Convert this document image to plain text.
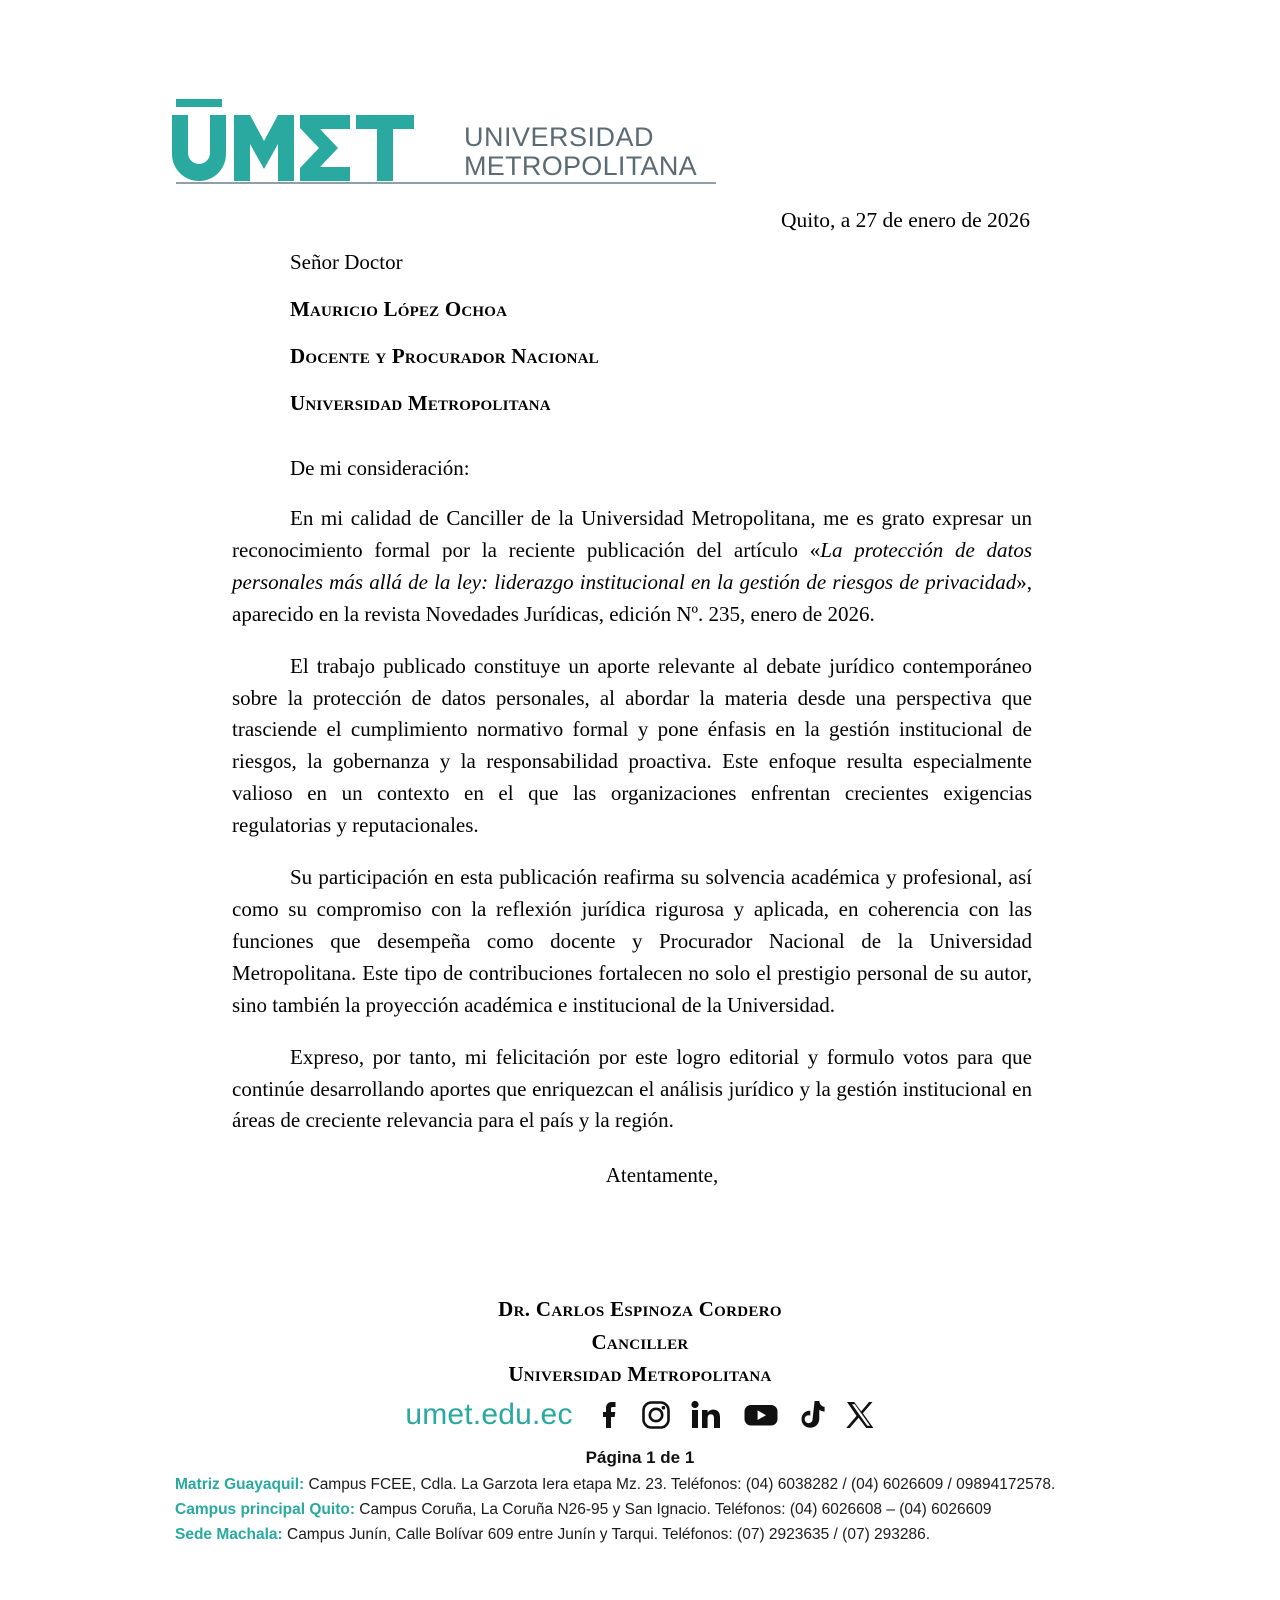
UNIVERSIDAD
METROPOLITANA
Quito, a 27 de enero de 2026

Señor Doctor

Mauricio López Ochoa

Docente y Procurador Nacional

Universidad Metropolitana

De mi consideración:

En mi calidad de Canciller de la Universidad Metropolitana, me es grato expresar un reconocimiento formal por la reciente publicación del artículo «La protección de datos personales más allá de la ley: liderazgo institucional en la gestión de riesgos de privacidad», aparecido en la revista Novedades Jurídicas, edición Nº. 235, enero de 2026.

El trabajo publicado constituye un aporte relevante al debate jurídico contemporáneo sobre la protección de datos personales, al abordar la materia desde una perspectiva que trasciende el cumplimiento normativo formal y pone énfasis en la gestión institucional de riesgos, la gobernanza y la responsabilidad proactiva. Este enfoque resulta especialmente valioso en un contexto en el que las organizaciones enfrentan crecientes exigencias regulatorias y reputacionales.

Su participación en esta publicación reafirma su solvencia académica y profesional, así como su compromiso con la reflexión jurídica rigurosa y aplicada, en coherencia con las funciones que desempeña como docente y Procurador Nacional de la Universidad Metropolitana. Este tipo de contribuciones fortalecen no solo el prestigio personal de su autor, sino también la proyección académica e institucional de la Universidad.

Expreso, por tanto, mi felicitación por este logro editorial y formulo votos para que continúe desarrollando aportes que enriquezcan el análisis jurídico y la gestión institucional en áreas de creciente relevancia para el país y la región.

Atentamente,

Dr. Carlos Espinoza Cordero
Canciller
Universidad Metropolitana
umet.edu.ec
Página 1 de 1
Matriz Guayaquil: Campus FCEE, Cdla. La Garzota Iera etapa Mz. 23. Teléfonos: (04) 6038282 / (04) 6026609 / 09894172578.
Campus principal Quito: Campus Coruña, La Coruña N26-95 y San Ignacio. Teléfonos: (04) 6026608 – (04) 6026609
Sede Machala: Campus Junín, Calle Bolívar 609 entre Junín y Tarqui. Teléfonos: (07) 2923635 / (07) 293286.
